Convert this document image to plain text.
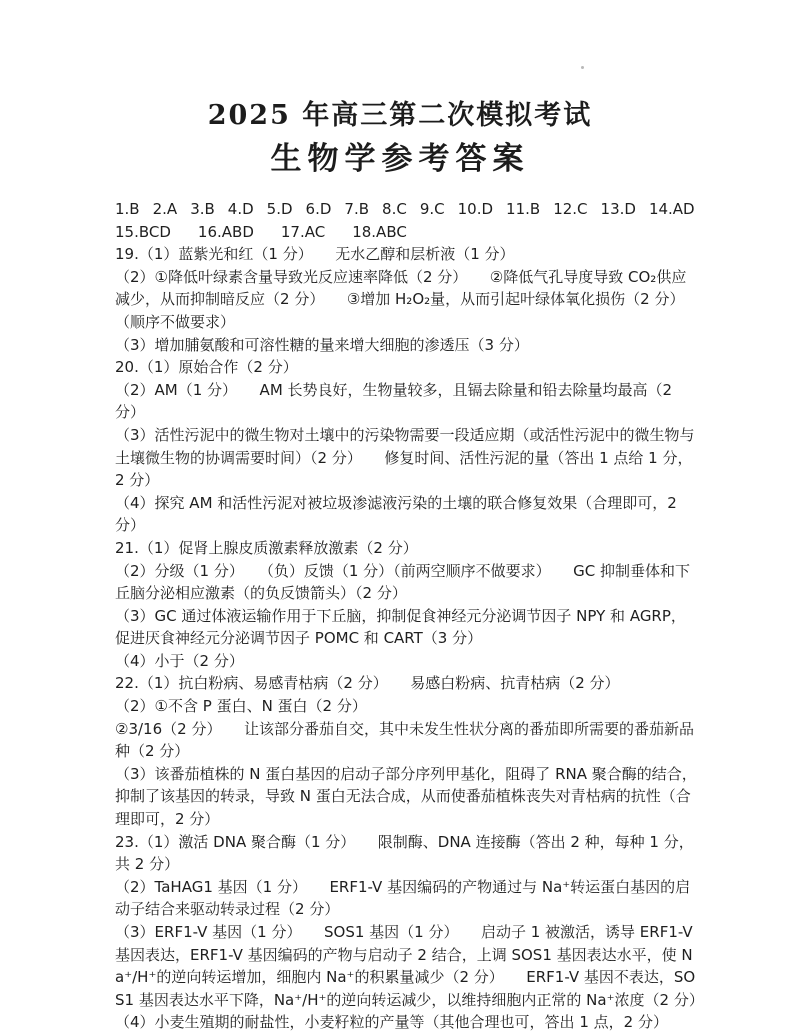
2025 年高三第二次模拟考试
生物学参考答案
1.B 2.A 3.B 4.D 5.D 6.D 7.B 8.C 9.C 10.D 11.B 12.C 13.D 14.AD
15.BCD 16.ABD 17.AC 18.ABC

19.（1）蓝紫光和红（1 分）　　无水乙醇和层析液（1 分）

（2）①降低叶绿素含量导致光反应速率降低（2 分）　　②降低气孔导度导致 CO₂供应减少，从而抑制暗反应（2 分）　　③增加 H₂O₂量，从而引起叶绿体氧化损伤（2 分）（顺序不做要求）

（3）增加脯氨酸和可溶性糖的量来增大细胞的渗透压（3 分）

20.（1）原始合作（2 分）

（2）AM（1 分）　　AM 长势良好，生物量较多，且镉去除量和铅去除量均最高（2 分）

（3）活性污泥中的微生物对土壤中的污染物需要一段适应期（或活性污泥中的微生物与土壤微生物的协调需要时间）（2 分）　　修复时间、活性污泥的量（答出 1 点给 1 分，2 分）

（4）探究 AM 和活性污泥对被垃圾渗滤液污染的土壤的联合修复效果（合理即可，2 分）

21.（1）促肾上腺皮质激素释放激素（2 分）

（2）分级（1 分）　　（负）反馈（1 分）（前两空顺序不做要求）　　GC 抑制垂体和下丘脑分泌相应激素（的负反馈箭头）（2 分）

（3）GC 通过体液运输作用于下丘脑，抑制促食神经元分泌调节因子 NPY 和 AGRP，促进厌食神经元分泌调节因子 POMC 和 CART（3 分）

（4）小于（2 分）

22.（1）抗白粉病、易感青枯病（2 分）　　易感白粉病、抗青枯病（2 分）

（2）①不含 P 蛋白、N 蛋白（2 分）

②3/16（2 分）　　让该部分番茄自交，其中未发生性状分离的番茄即所需要的番茄新品种（2 分）

（3）该番茄植株的 N 蛋白基因的启动子部分序列甲基化，阻碍了 RNA 聚合酶的结合，抑制了该基因的转录，导致 N 蛋白无法合成，从而使番茄植株丧失对青枯病的抗性（合理即可，2 分）

23.（1）激活 DNA 聚合酶（1 分）　　限制酶、DNA 连接酶（答出 2 种，每种 1 分，共 2 分）

（2）TaHAG1 基因（1 分）　　ERF1-V 基因编码的产物通过与 Na⁺转运蛋白基因的启动子结合来驱动转录过程（2 分）

（3）ERF1-V 基因（1 分）　　SOS1 基因（1 分）　　启动子 1 被激活，诱导 ERF1-V 基因表达，ERF1-V 基因编码的产物与启动子 2 结合，上调 SOS1 基因表达水平，使 Na⁺/H⁺的逆向转运增加，细胞内 Na⁺的积累量减少（2 分）　　ERF1-V 基因不表达，SOS1 基因表达水平下降，Na⁺/H⁺的逆向转运减少，以维持细胞内正常的 Na⁺浓度（2 分）

（4）小麦生殖期的耐盐性，小麦籽粒的产量等（其他合理也可，答出 1 点，2 分）
